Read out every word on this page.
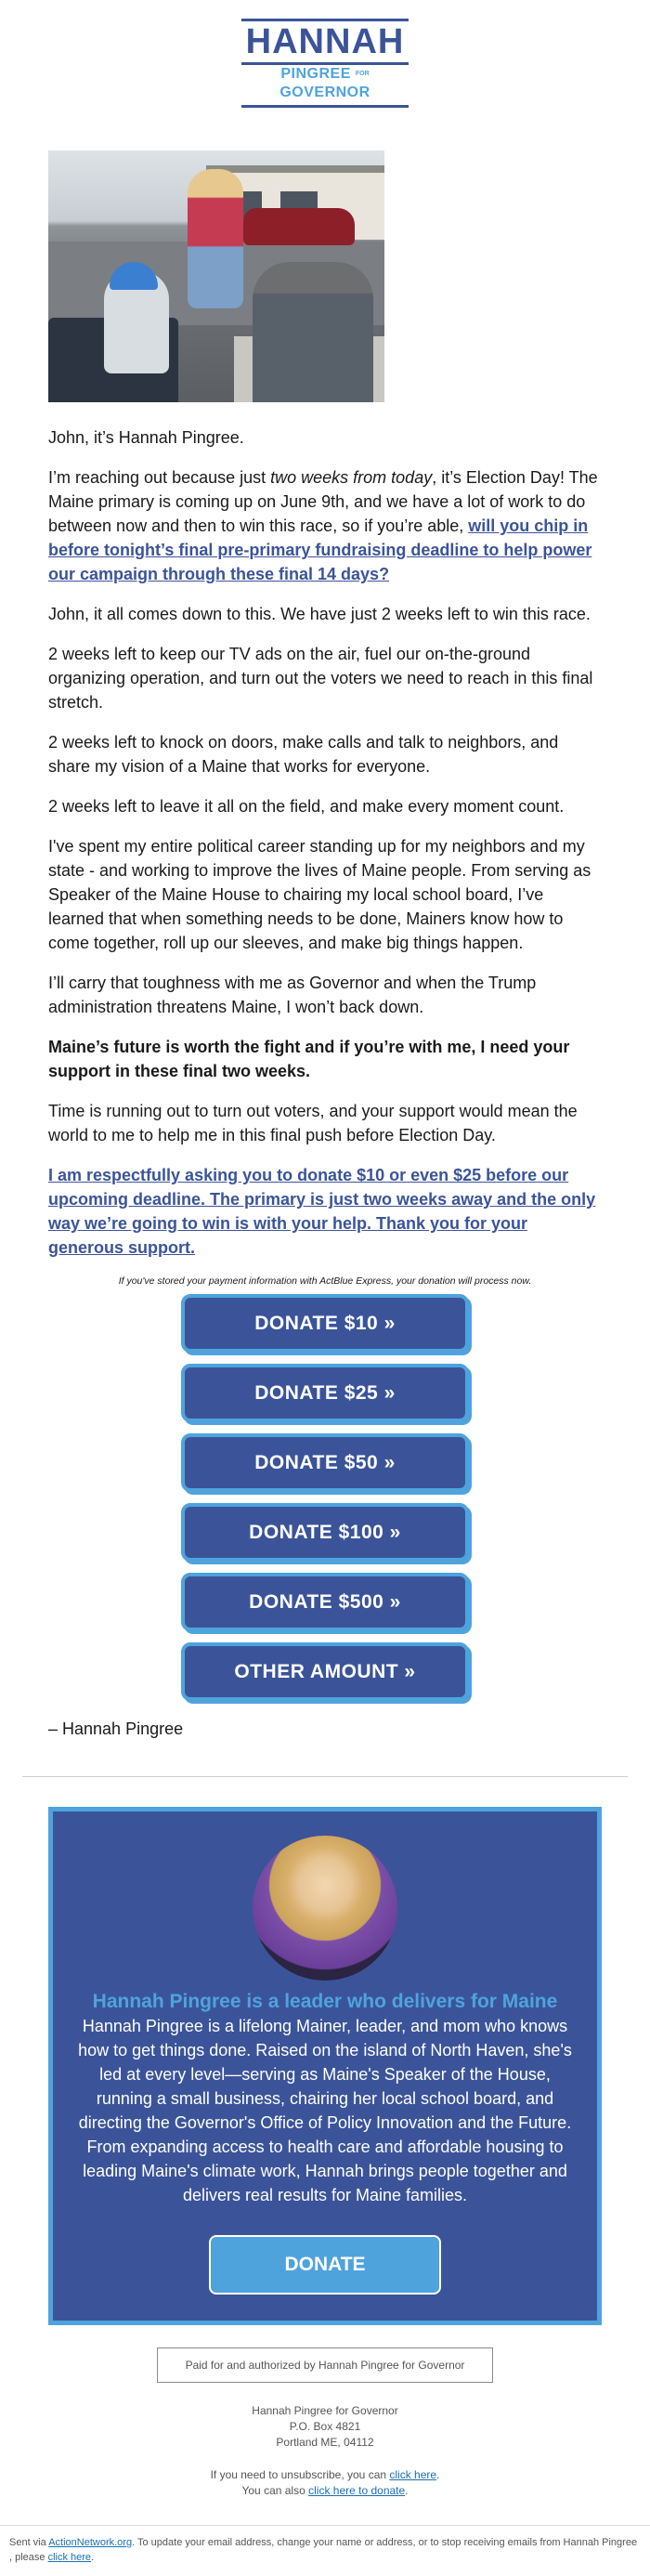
HANNAH
PINGREE FOR GOVERNOR

John, it’s Hannah Pingree.

I’m reaching out because just two weeks from today, it’s Election Day! The Maine primary is coming up on June 9th, and we have a lot of work to do between now and then to win this race, so if you’re able, will you chip in before tonight’s final pre-primary fundraising deadline to help power our campaign through these final 14 days?

John, it all comes down to this. We have just 2 weeks left to win this race.

2 weeks left to keep our TV ads on the air, fuel our on-the-ground organizing operation, and turn out the voters we need to reach in this final stretch.

2 weeks left to knock on doors, make calls and talk to neighbors, and share my vision of a Maine that works for everyone.

2 weeks left to leave it all on the field, and make every moment count.

I've spent my entire political career standing up for my neighbors and my state - and working to improve the lives of Maine people. From serving as Speaker of the Maine House to chairing my local school board, I’ve learned that when something needs to be done, Mainers know how to come together, roll up our sleeves, and make big things happen.

I’ll carry that toughness with me as Governor and when the Trump administration threatens Maine, I won’t back down.

Maine’s future is worth the fight and if you’re with me, I need your support in these final two weeks.

Time is running out to turn out voters, and your support would mean the world to me to help me in this final push before Election Day.

I am respectfully asking you to donate $10 or even $25 before our upcoming deadline. The primary is just two weeks away and the only way we’re going to win is with your help. Thank you for your generous support.

If you've stored your payment information with ActBlue Express, your donation will process now.

DONATE $10 »
DONATE $25 »
DONATE $50 »
DONATE $100 »
DONATE $500 »
OTHER AMOUNT »

– Hannah Pingree

Hannah Pingree is a leader who delivers for Maine

Hannah Pingree is a lifelong Mainer, leader, and mom who knows how to get things done. Raised on the island of North Haven, she's led at every level—serving as Maine's Speaker of the House, running a small business, chairing her local school board, and directing the Governor's Office of Policy Innovation and the Future. From expanding access to health care and affordable housing to leading Maine's climate work, Hannah brings people together and delivers real results for Maine families.

DONATE
Paid for and authorized by Hannah Pingree for Governor
Hannah Pingree for Governor
P.O. Box 4821
Portland ME, 04112
If you need to unsubscribe, you can click here.
You can also click here to donate.
Sent via ActionNetwork.org. To update your email address, change your name or address, or to stop receiving emails from Hannah Pingree , please click here.
